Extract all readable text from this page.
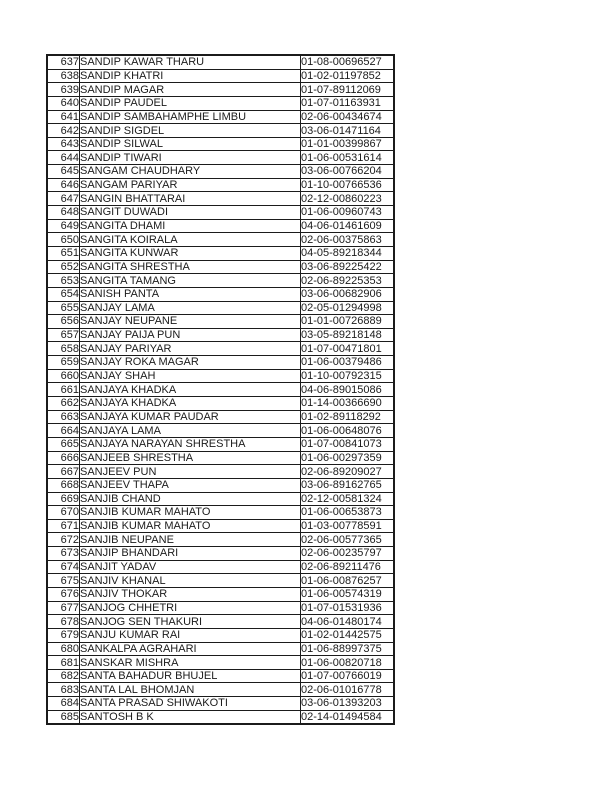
637	SANDIP KAWAR THARU	01-08-00696527
638	SANDIP KHATRI	01-02-01197852
639	SANDIP MAGAR	01-07-89112069
640	SANDIP PAUDEL	01-07-01163931
641	SANDIP SAMBAHAMPHE LIMBU	02-06-00434674
642	SANDIP SIGDEL	03-06-01471164
643	SANDIP SILWAL	01-01-00399867
644	SANDIP TIWARI	01-06-00531614
645	SANGAM CHAUDHARY	03-06-00766204
646	SANGAM PARIYAR	01-10-00766536
647	SANGIN BHATTARAI	02-12-00860223
648	SANGIT DUWADI	01-06-00960743
649	SANGITA DHAMI	04-06-01461609
650	SANGITA KOIRALA	02-06-00375863
651	SANGITA KUNWAR	04-05-89218344
652	SANGITA SHRESTHA	03-06-89225422
653	SANGITA TAMANG	02-06-89225353
654	SANISH PANTA	03-06-00682906
655	SANJAY LAMA	02-05-01294998
656	SANJAY NEUPANE	01-01-00726889
657	SANJAY PAIJA PUN	03-05-89218148
658	SANJAY PARIYAR	01-07-00471801
659	SANJAY ROKA MAGAR	01-06-00379486
660	SANJAY SHAH	01-10-00792315
661	SANJAYA KHADKA	04-06-89015086
662	SANJAYA KHADKA	01-14-00366690
663	SANJAYA KUMAR PAUDAR	01-02-89118292
664	SANJAYA LAMA	01-06-00648076
665	SANJAYA NARAYAN SHRESTHA	01-07-00841073
666	SANJEEB SHRESTHA	01-06-00297359
667	SANJEEV PUN	02-06-89209027
668	SANJEEV THAPA	03-06-89162765
669	SANJIB CHAND	02-12-00581324
670	SANJIB KUMAR MAHATO	01-06-00653873
671	SANJIB KUMAR MAHATO	01-03-00778591
672	SANJIB NEUPANE	02-06-00577365
673	SANJIP BHANDARI	02-06-00235797
674	SANJIT YADAV	02-06-89211476
675	SANJIV KHANAL	01-06-00876257
676	SANJIV THOKAR	01-06-00574319
677	SANJOG CHHETRI	01-07-01531936
678	SANJOG SEN THAKURI	04-06-01480174
679	SANJU KUMAR RAI	01-02-01442575
680	SANKALPA AGRAHARI	01-06-88997375
681	SANSKAR MISHRA	01-06-00820718
682	SANTA BAHADUR BHUJEL	01-07-00766019
683	SANTA LAL BHOMJAN	02-06-01016778
684	SANTA PRASAD SHIWAKOTI	03-06-01393203
685	SANTOSH B K	02-14-01494584
